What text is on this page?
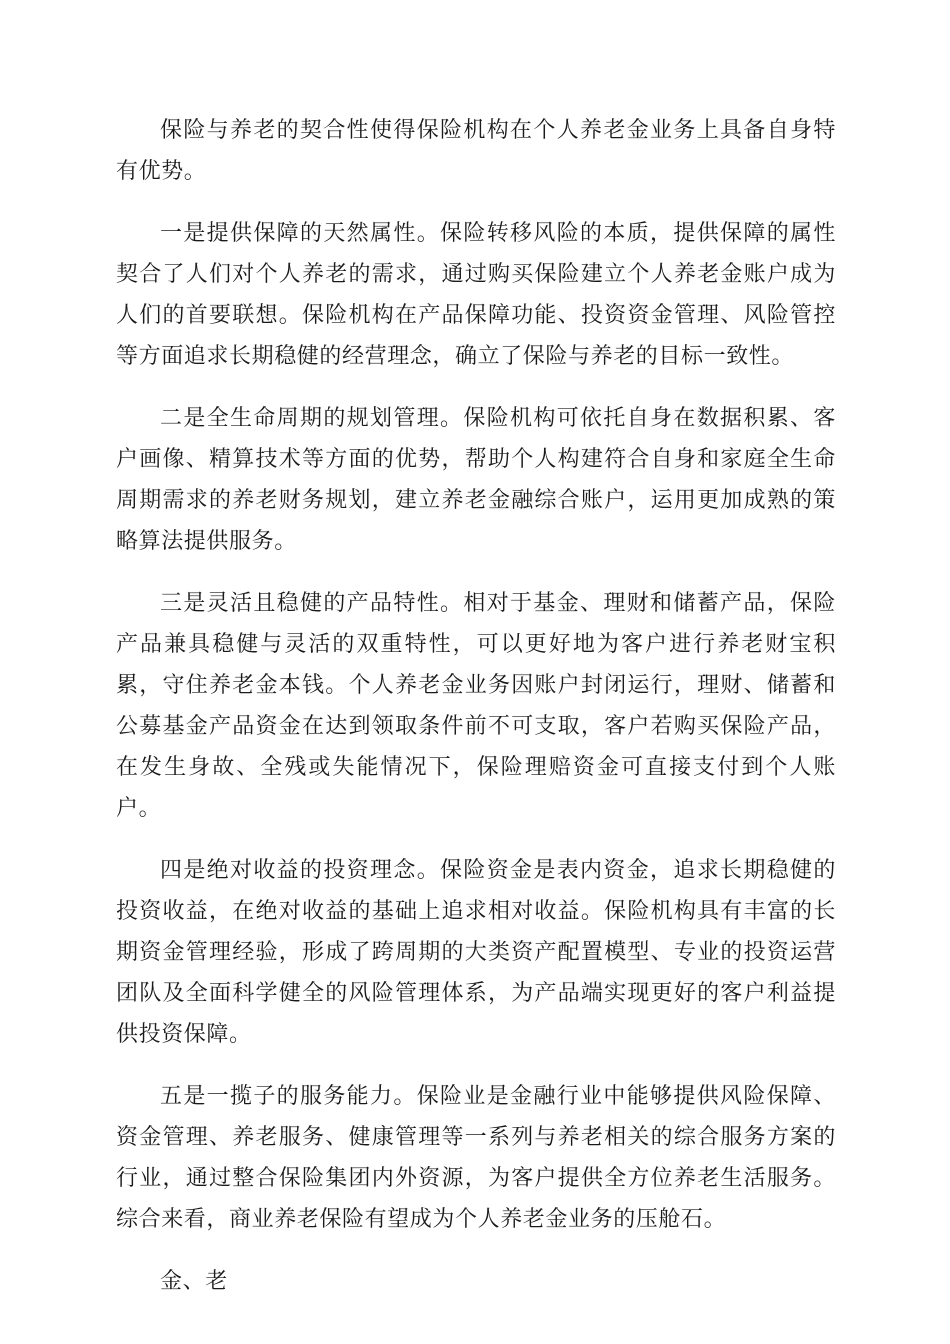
保险与养老的契合性使得保险机构在个人养老金业务上具备自身特有优势。

一是提供保障的天然属性。保险转移风险的本质，提供保障的属性契合了人们对个人养老的需求，通过购买保险建立个人养老金账户成为人们的首要联想。保险机构在产品保障功能、投资资金管理、风险管控等方面追求长期稳健的经营理念，确立了保险与养老的目标一致性。

二是全生命周期的规划管理。保险机构可依托自身在数据积累、客户画像、精算技术等方面的优势，帮助个人构建符合自身和家庭全生命周期需求的养老财务规划，建立养老金融综合账户，运用更加成熟的策略算法提供服务。

三是灵活且稳健的产品特性。相对于基金、理财和储蓄产品，保险产品兼具稳健与灵活的双重特性，可以更好地为客户进行养老财宝积累，守住养老金本钱。个人养老金业务因账户封闭运行，理财、储蓄和公募基金产品资金在达到领取条件前不可支取，客户若购买保险产品，在发生身故、全残或失能情况下，保险理赔资金可直接支付到个人账户。

四是绝对收益的投资理念。保险资金是表内资金，追求长期稳健的投资收益，在绝对收益的基础上追求相对收益。保险机构具有丰富的长期资金管理经验，形成了跨周期的大类资产配置模型、专业的投资运营团队及全面科学健全的风险管理体系，为产品端实现更好的客户利益提供投资保障。

五是一揽子的服务能力。保险业是金融行业中能够提供风险保障、资金管理、养老服务、健康管理等一系列与养老相关的综合服务方案的行业，通过整合保险集团内外资源，为客户提供全方位养老生活服务。综合来看，商业养老保险有望成为个人养老金业务的压舱石。

金、老
